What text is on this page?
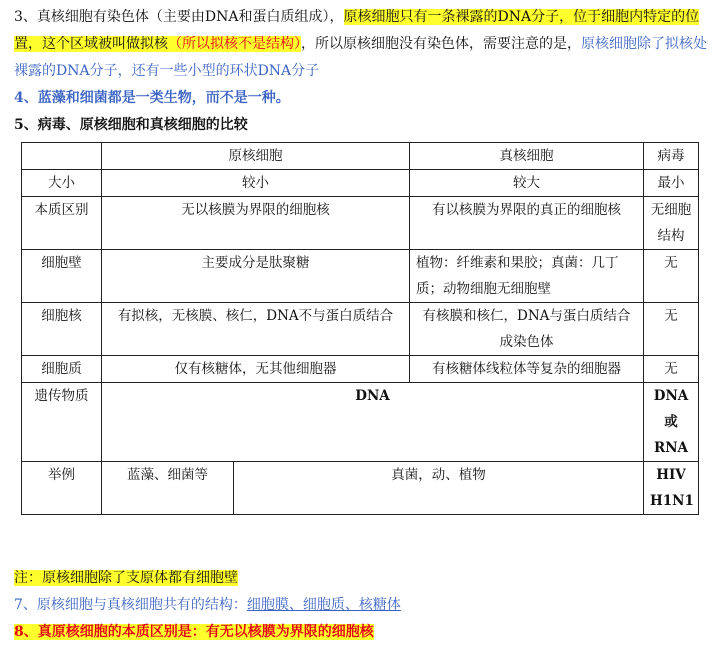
3、真核细胞有染色体（主要由DNA和蛋白质组成），原核细胞只有一条裸露的DNA分子，位于细胞内特定的位置，这个区域被叫做拟核（所以拟核不是结构），所以原核细胞没有染色体，需要注意的是，原核细胞除了拟核处裸露的DNA分子，还有一些小型的环状DNA分子
4、蓝藻和细菌都是一类生物，而不是一种。
5、病毒、原核细胞和真核细胞的比较
	原核细胞		真核细胞	病毒
大小	较小		较大	最小
本质区别	无以核膜为界限的细胞核		有以核膜为界限的真正的细胞核	无细胞结构
细胞壁	主要成分是肽聚糖		植物：纤维素和果胶；真菌：几丁质；动物细胞无细胞壁	无
细胞核	有拟核，无核膜、核仁，DNA不与蛋白质结合		有核膜和核仁，DNA与蛋白质结合成染色体	无
细胞质	仅有核糖体，无其他细胞器		有核糖体线粒体等复杂的细胞器	无
遗传物质	DNA			DNA或RNA
举例	蓝藻、细菌等	真菌，动、植物		HIV H1N1
注：原核细胞除了支原体都有细胞壁
7、原核细胞与真核细胞共有的结构：细胞膜、细胞质、核糖体
8、真原核细胞的本质区别是：有无以核膜为界限的细胞核
